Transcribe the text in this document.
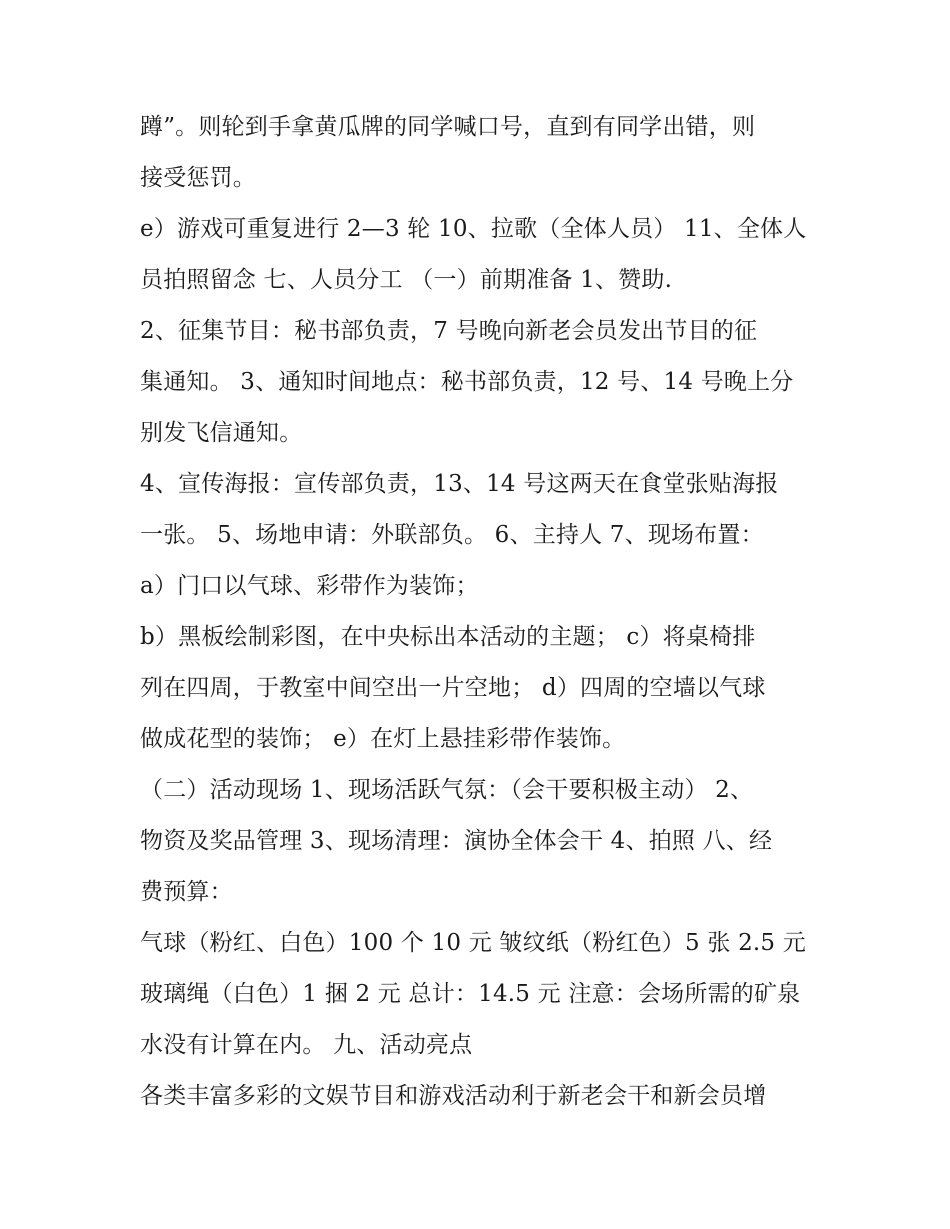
蹲”。则轮到手拿黄瓜牌的同学喊口号，直到有同学出错，则
接受惩罚。
e）游戏可重复进行 2—3 轮 10、拉歌（全体人员） 11、全体人
员拍照留念 七、人员分工 （一）前期准备 1、赞助.
2、征集节目：秘书部负责，7 号晚向新老会员发出节目的征
集通知。 3、通知时间地点：秘书部负责，12 号、14 号晚上分
别发飞信通知。
4、宣传海报：宣传部负责，13、14 号这两天在食堂张贴海报
一张。 5、场地申请：外联部负。 6、主持人 7、现场布置：
a）门口以气球、彩带作为装饰；
b）黑板绘制彩图，在中央标出本活动的主题； c）将桌椅排
列在四周，于教室中间空出一片空地； d）四周的空墙以气球
做成花型的装饰； e）在灯上悬挂彩带作装饰。
（二）活动现场 1、现场活跃气氛：（会干要积极主动） 2、
物资及奖品管理 3、现场清理：演协全体会干 4、拍照 八、经
费预算：
气球（粉红、白色）100 个 10 元 皱纹纸（粉红色）5 张 2.5 元
玻璃绳（白色）1 捆 2 元 总计：14.5 元 注意：会场所需的矿泉
水没有计算在内。 九、活动亮点
各类丰富多彩的文娱节目和游戏活动利于新老会干和新会员增
